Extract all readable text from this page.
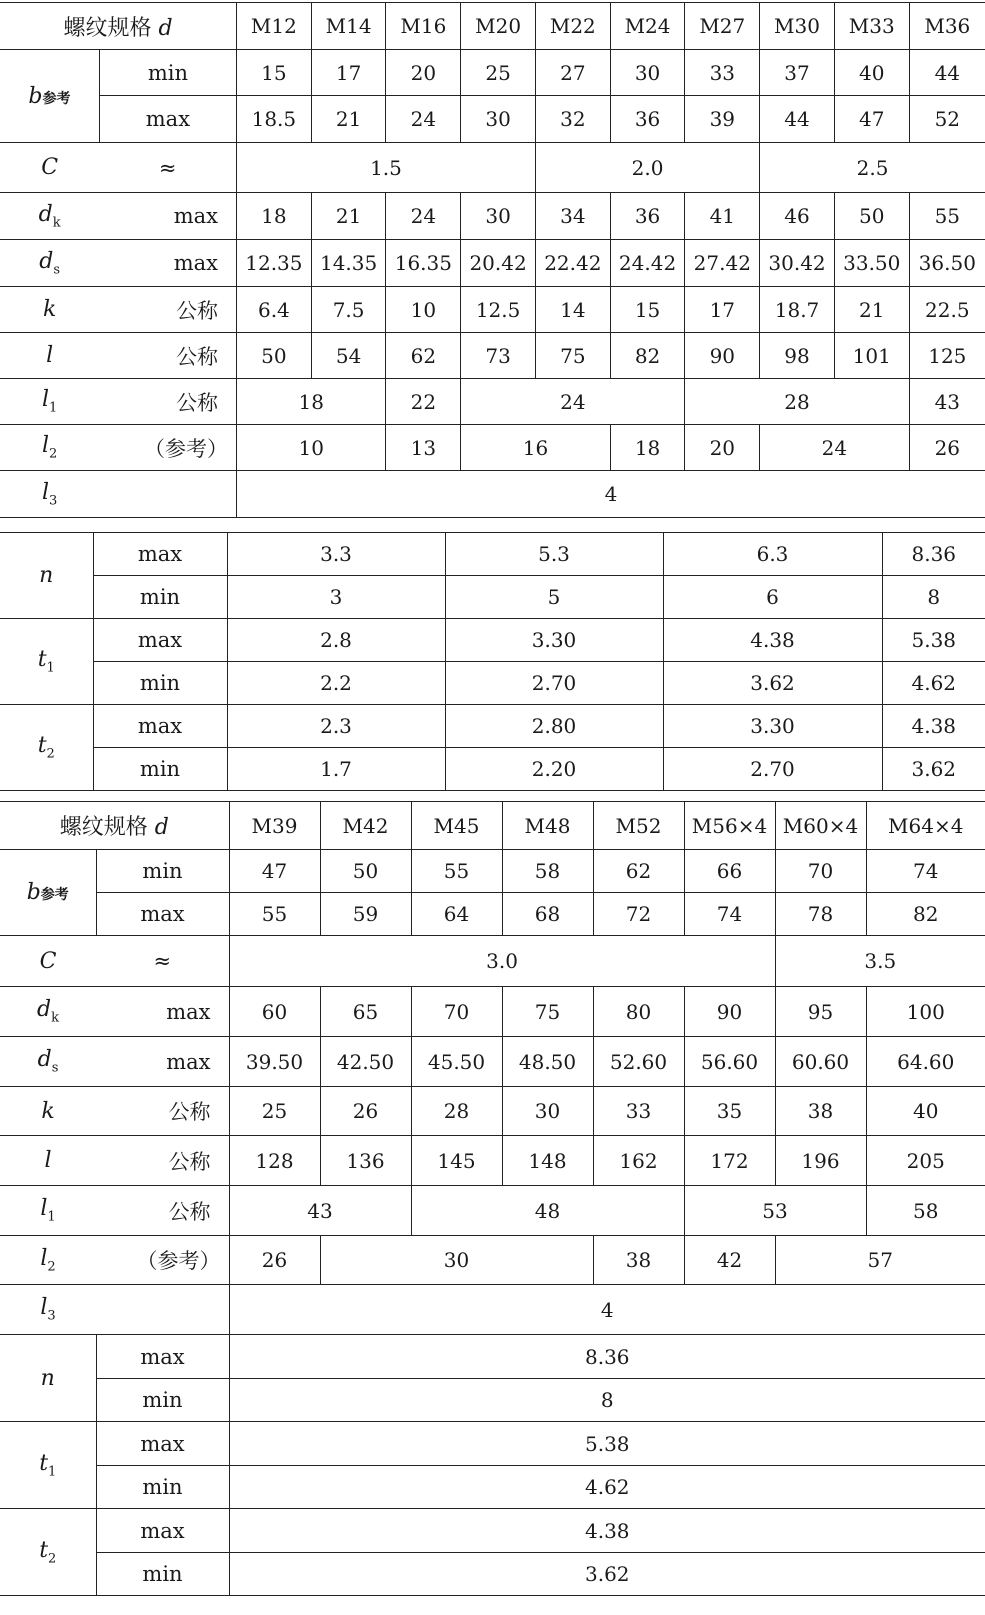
螺纹规格 d		M12	M14	M16	M20	M22	M24	M27	M30	M33	M36
b参考	min	15	17	20	25	27	30	33	37	40	44
	max	18.5	21	24	30	32	36	39	44	47	52
C	≈	1.5				2.0			2.5		
$d_k$	max	18	21	24	30	34	36	41	46	50	55
$d_s$	max	12.35	14.35	16.35	20.42	22.42	24.42	27.42	30.42	33.50	36.50
k	公称	6.4	7.5	10	12.5	14	15	17	18.7	21	22.5
l	公称	50	54	62	73	75	82	90	98	101	125
$l_1$	公称	18		22	24			28			43
$l_2$	（参考）	10		13	16		18	20	24		26
$l_3$		4									
n	max	3.3	5.3	6.3	8.36
	min	3	5	6	8
$t_1$	max	2.8	3.30	4.38	5.38
	min	2.2	2.70	3.62	4.62
$t_2$	max	2.3	2.80	3.30	4.38
	min	1.7	2.20	2.70	3.62
螺纹规格 d		M39	M42	M45	M48	M52	M56×4	M60×4	M64×4
b参考	min	47	50	55	58	62	66	70	74
	max	55	59	64	68	72	74	78	82
C	≈	3.0						3.5	
$d_k$	max	60	65	70	75	80	90	95	100
$d_s$	max	39.50	42.50	45.50	48.50	52.60	56.60	60.60	64.60
k	公称	25	26	28	30	33	35	38	40
l	公称	128	136	145	148	162	172	196	205
$l_1$	公称	43		48			53		58
$l_2$	（参考）	26	30			38	42	57	
$l_3$		4							
n	max	8.36							
	min	8							
$t_1$	max	5.38							
	min	4.62							
$t_2$	max	4.38							
	min	3.62							
